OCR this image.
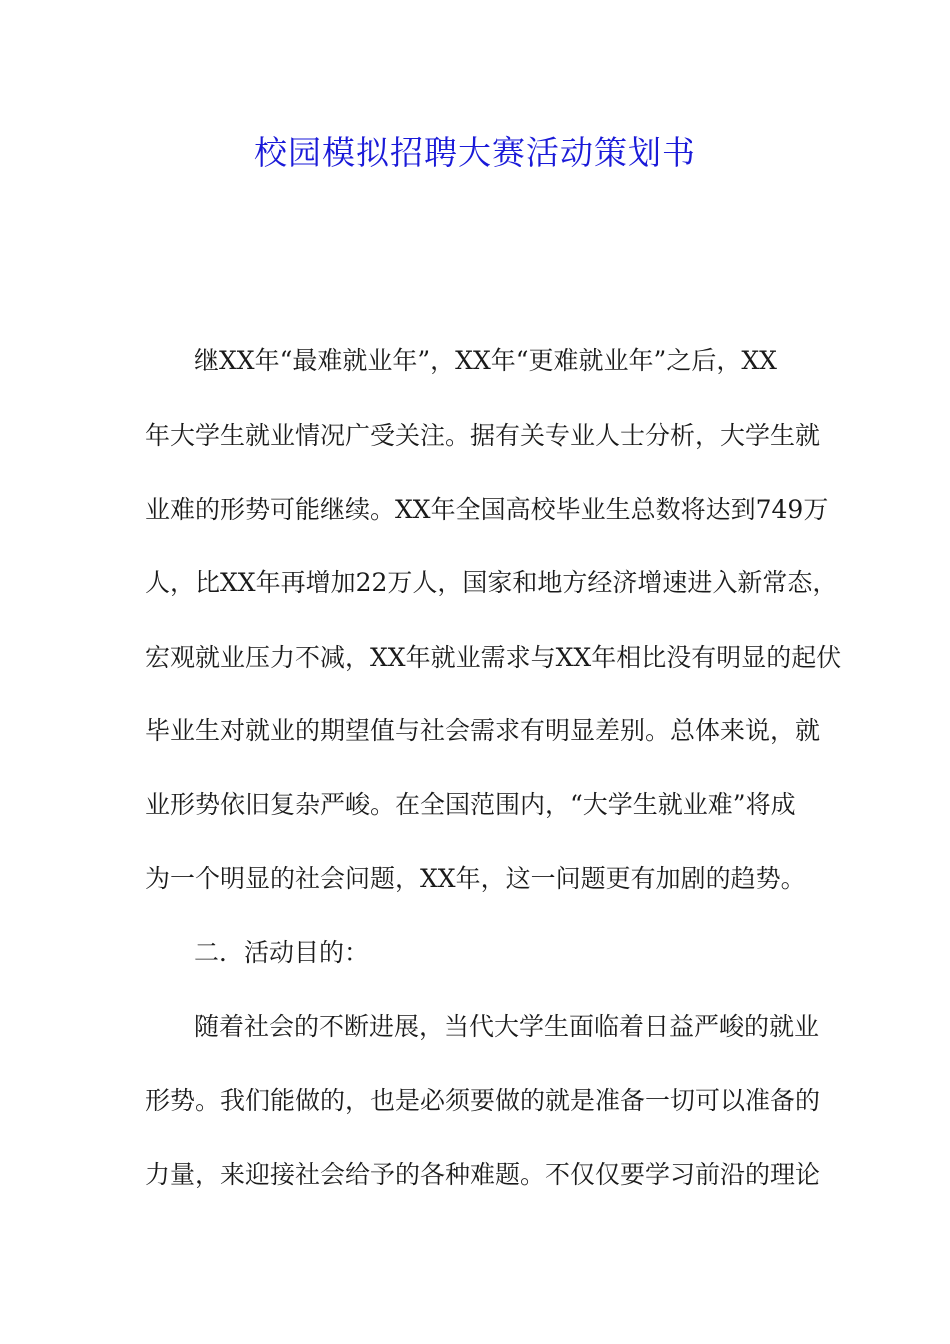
校园模拟招聘大赛活动策划书
继XX年“最难就业年”，XX年“更难就业年”之后，XX
年大学生就业情况广受关注。据有关专业人士分析，大学生就
业难的形势可能继续。XX年全国高校毕业生总数将达到749万
人，比XX年再增加22万人，国家和地方经济增速进入新常态，
宏观就业压力不减，XX年就业需求与XX年相比没有明显的起伏
毕业生对就业的期望值与社会需求有明显差别。总体来说，就
业形势依旧复杂严峻。在全国范围内，“大学生就业难”将成
为一个明显的社会问题，XX年，这一问题更有加剧的趋势。
二．活动目的：
随着社会的不断进展，当代大学生面临着日益严峻的就业
形势。我们能做的，也是必须要做的就是准备一切可以准备的
力量，来迎接社会给予的各种难题。不仅仅要学习前沿的理论
